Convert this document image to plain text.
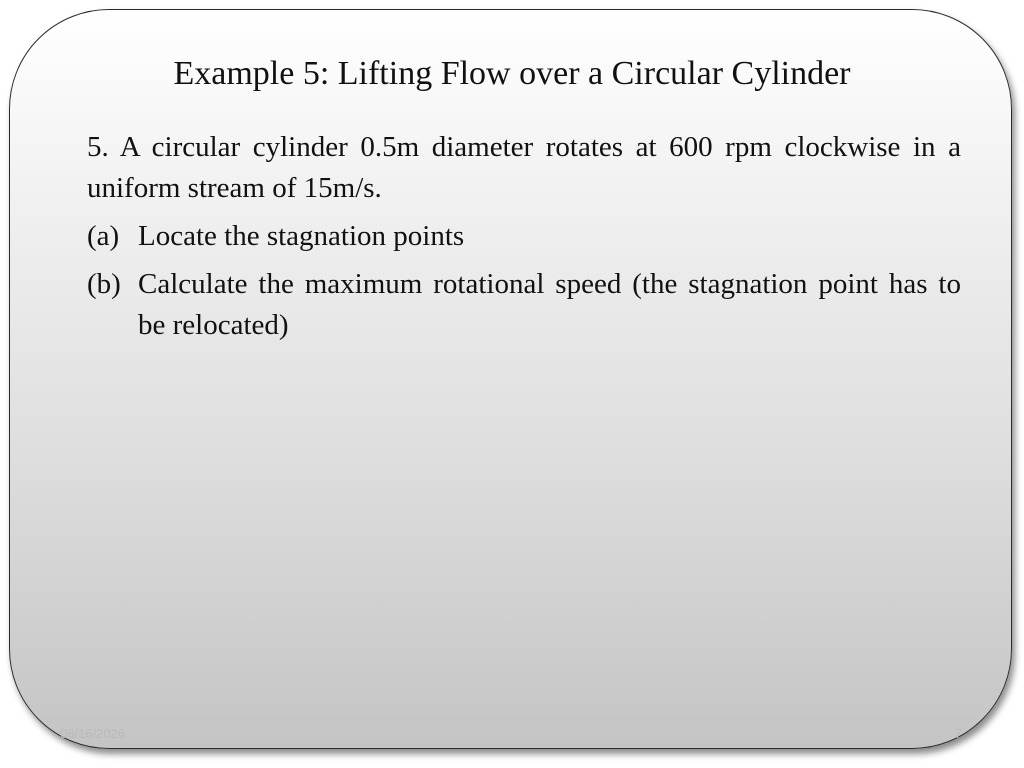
Example 5: Lifting Flow over a Circular Cylinder

5. A circular cylinder 0.5m diameter rotates at 600 rpm clockwise in a uniform stream of 15m/s.

(a) Locate the stagnation points
(b) Calculate the maximum rotational speed (the stagnation point has to be relocated)
06/16/2026	7
